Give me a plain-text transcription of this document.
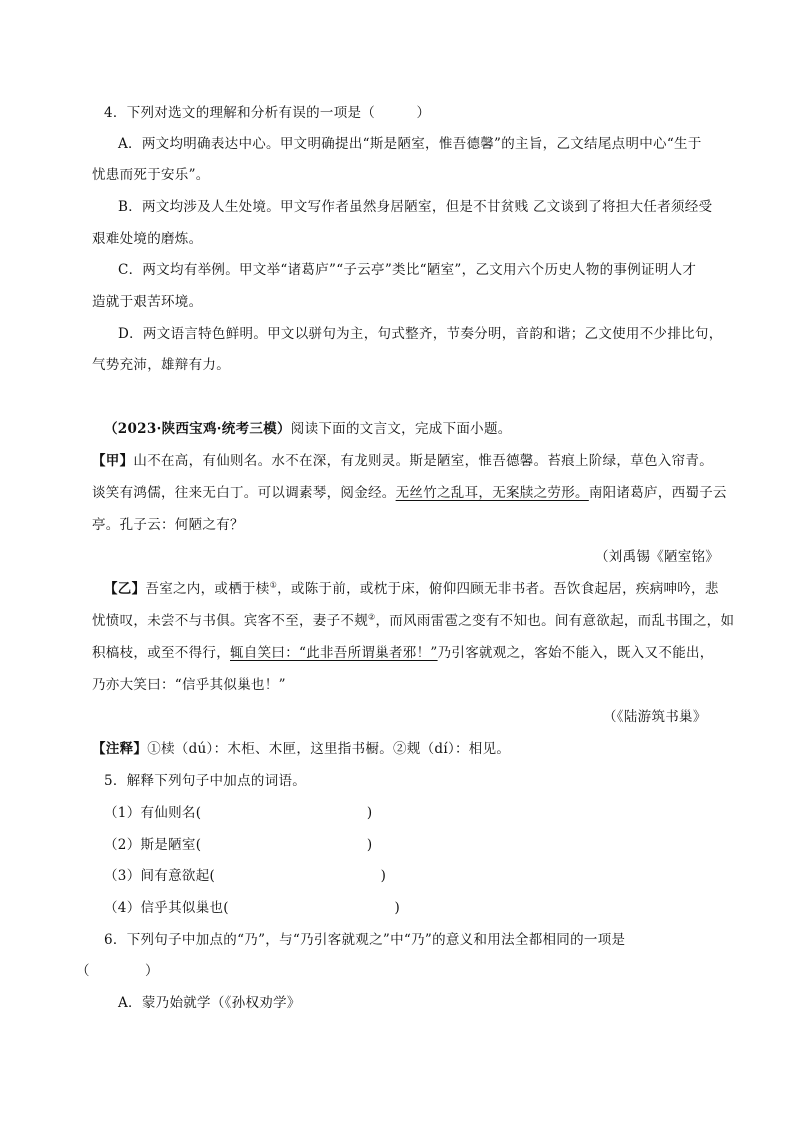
4．下列对选文的理解和分析有误的一项是（　　　）
A．两文均明确表达中心。甲文明确提出“斯是陋室，惟吾德馨”的主旨，乙文结尾点明中心“生于
忧患而死于安乐”。
B．两文均涉及人生处境。甲文写作者虽然身居陋室，但是不甘贫贱 乙文谈到了将担大任者须经受
艰难处境的磨炼。
C．两文均有举例。甲文举“诸葛庐”“子云亭”类比“陋室”，乙文用六个历史人物的事例证明人才
造就于艰苦环境。
D．两文语言特色鲜明。甲文以骈句为主，句式整齐，节奏分明，音韵和谐；乙文使用不少排比句，
气势充沛，雄辩有力。
（2023·陕西宝鸡·统考三模）阅读下面的文言文，完成下面小题。
【甲】山不在高，有仙则名。水不在深，有龙则灵。斯是陋室，惟吾德馨。苔痕上阶绿，草色入帘青。
谈笑有鸿儒，往来无白丁。可以调素琴，阅金经。无丝竹之乱耳，无案牍之劳形。南阳诸葛庐，西蜀子云
亭。孔子云：何陋之有？
（刘禹锡《陋室铭》
【乙】吾室之内，或栖于椟①，或陈于前，或枕于床，俯仰四顾无非书者。吾饮食起居，疾病呻吟，悲
忧愤叹，未尝不与书俱。宾客不至，妻子不觌②，而风雨雷雹之变有不知也。间有意欲起，而乱书围之，如
积槁枝，或至不得行，辄自笑曰：“此非吾所谓巢者邪！”乃引客就观之，客始不能入，既入又不能出，
乃亦大笑曰：“信乎其似巢也！”
（《陆游筑书巢》
【注释】①椟（dú）：木柜、木匣，这里指书橱。②觌（dí）：相见。
5．解释下列句子中加点的词语。
（1）有仙则名(　　　　　　　　　　　　)
（2）斯是陋室(　　　　　　　　　　　　)
（3）间有意欲起(　　　　　　　　　　　　)
（4）信乎其似巢也(　　　　　　　　　　　　)
6．下列句子中加点的“乃”，与“乃引客就观之”中“乃”的意义和用法全都相同的一项是
（　　　　）
A．蒙乃始就学（《孙权劝学》
